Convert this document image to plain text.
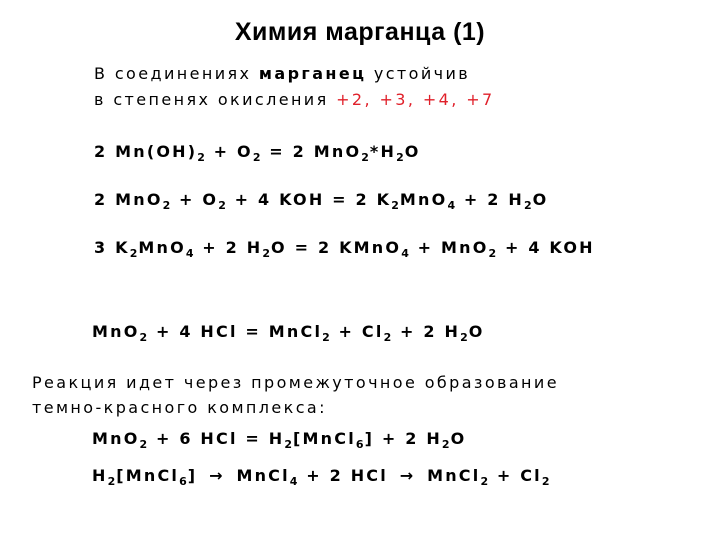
Химия марганца (1)
В соединениях марганец устойчив
в степенях окисления +2, +3, +4, +7
2 $Mn(OH)_2 + O_2 = 2$ $MnO_2*H_2O$
2 $MnO_2 + O_2 + 4$ KOH = 2 $K_2MnO_4 + 2$ $H_2O$
3 $K_2MnO_4 + 2$ $H_2O = 2$ KMnO$_4$ + MnO$_2$ + 4 KOH
MnO$_2$ + 4 HCl = MnCl$_2$ + $Cl_2 + 2$ $H_2O$
Реакция идет через промежуточное образование
темно-красного комплекса:
MnO$_2$ + 6 HCl = $H_2[MnCl_6] + 2$ $H_2O$
$H_2[MnCl_6]$ → MnCl$_4$ + 2 HCl → MnCl$_2$ + $Cl_2$
